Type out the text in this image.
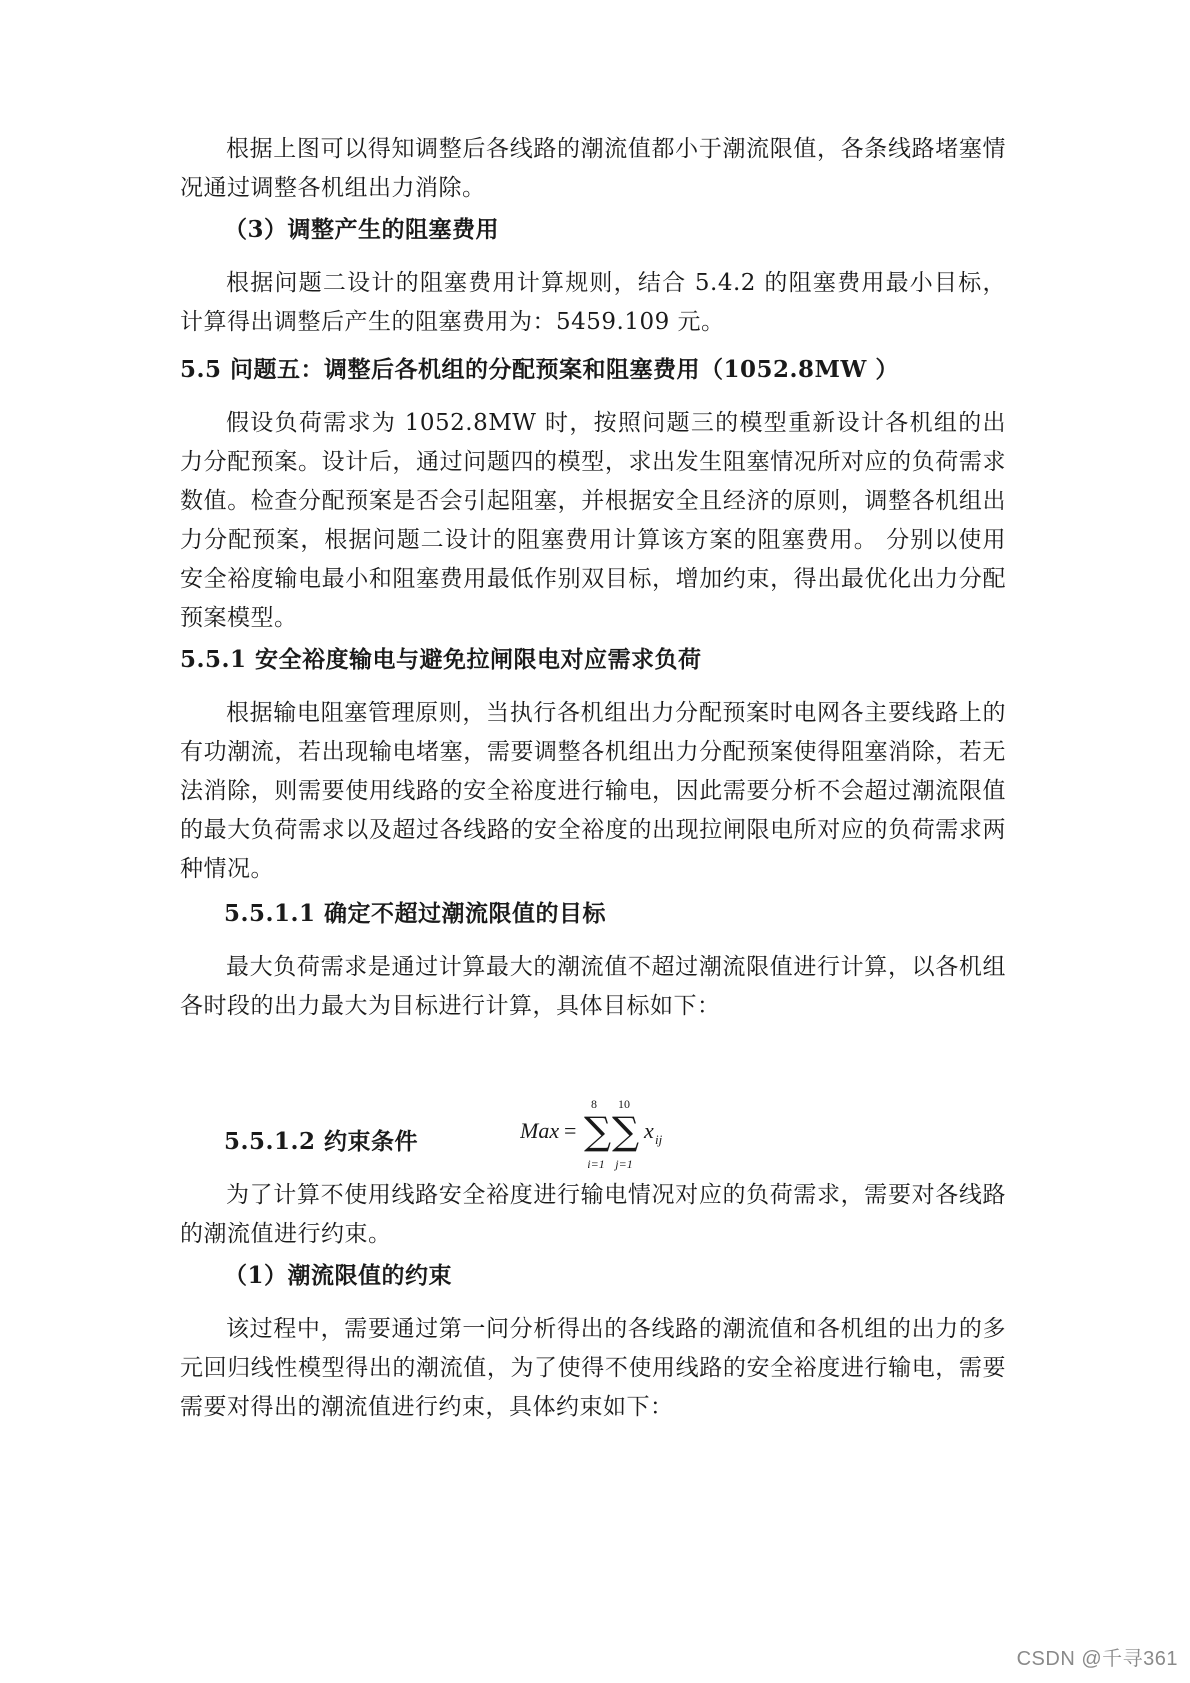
根据上图可以得知调整后各线路的潮流值都小于潮流限值，各条线路堵塞情况通过调整各机组出力消除。

（3）调整产生的阻塞费用

根据问题二设计的阻塞费用计算规则，结合 5.4.2 的阻塞费用最小目标，计算得出调整后产生的阻塞费用为：5459.109 元。

5.5 问题五：调整后各机组的分配预案和阻塞费用（1052.8MW ）

假设负荷需求为 1052.8MW 时，按照问题三的模型重新设计各机组的出力分配预案。设计后，通过问题四的模型，求出发生阻塞情况所对应的负荷需求数值。检查分配预案是否会引起阻塞，并根据安全且经济的原则，调整各机组出力分配预案，根据问题二设计的阻塞费用计算该方案的阻塞费用。 分别以使用安全裕度输电最小和阻塞费用最低作别双目标，增加约束，得出最优化出力分配预案模型。

5.5.1 安全裕度输电与避免拉闸限电对应需求负荷

根据输电阻塞管理原则，当执行各机组出力分配预案时电网各主要线路上的有功潮流，若出现输电堵塞，需要调整各机组出力分配预案使得阻塞消除，若无法消除，则需要使用线路的安全裕度进行输电，因此需要分析不会超过潮流限值的最大负荷需求以及超过各线路的安全裕度的出现拉闸限电所对应的负荷需求两种情况。

5.5.1.1 确定不超过潮流限值的目标

最大负荷需求是通过计算最大的潮流值不超过潮流限值进行计算，以各机组各时段的出力最大为目标进行计算，具体目标如下：

Max =
8
∑
i=1
10
∑
j=1
x ij

5.5.1.2 约束条件

为了计算不使用线路安全裕度进行输电情况对应的负荷需求，需要对各线路的潮流值进行约束。

（1）潮流限值的约束

该过程中，需要通过第一问分析得出的各线路的潮流值和各机组的出力的多元回归线性模型得出的潮流值，为了使得不使用线路的安全裕度进行输电，需要需要对得出的潮流值进行约束，具体约束如下：

CSDN @千寻361
